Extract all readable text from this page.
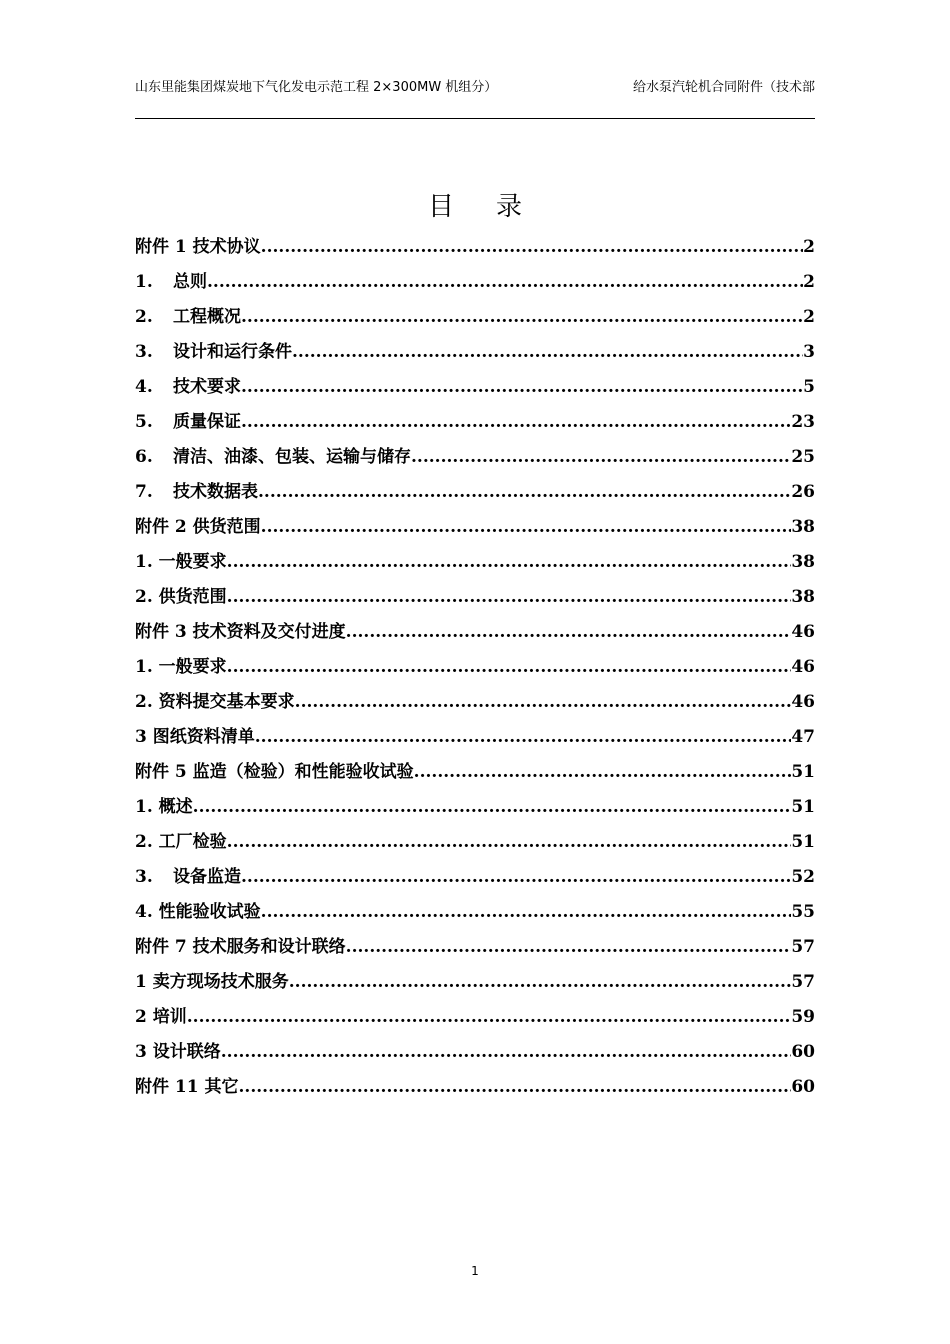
山东里能集团煤炭地下气化发电示范工程 2×300MW 机组分）	给水泵汽轮机合同附件（技术部
目录
附件 1 技术协议 .....	2
1.	总则 .....	2
2.	工程概况 .....	2
3.	设计和运行条件 .....	3
4.	技术要求 .....	5
5.	质量保证 .....	23
6.	清洁、油漆、包装、运输与储存 .....	25
7.	技术数据表 .....	26
附件 2 供货范围 .....	38
1. 一般要求 .....	38
2. 供货范围 .....	38
附件 3 技术资料及交付进度 .....	46
1. 一般要求 .....	46
2. 资料提交基本要求 .....	46
3 图纸资料清单 .....	47
附件 5 监造（检验）和性能验收试验 .....	51
1. 概述 .....	51
2. 工厂检验 .....	51
3.	设备监造 .....	52
4. 性能验收试验 .....	55
附件 7 技术服务和设计联络 .....	57
1 卖方现场技术服务 .....	57
2 培训 .....	59
3 设计联络 .....	60
附件 11 其它 .....	60
1
